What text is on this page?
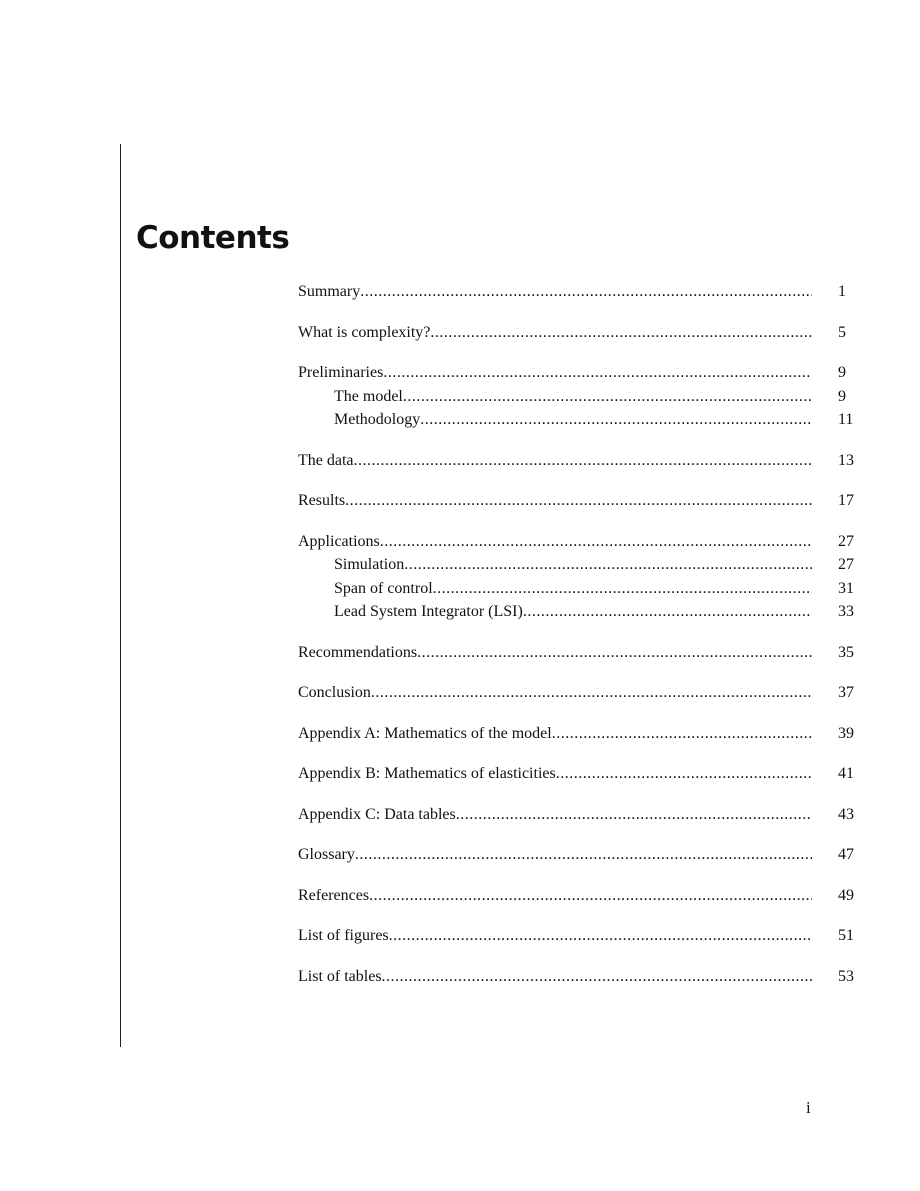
Contents
Summary .....	1
What is complexity? .....	5
Preliminaries .....	9
The model .....	9
Methodology .....	11
The data .....	13
Results .....	17
Applications .....	27
Simulation .....	27
Span of control .....	31
Lead System Integrator (LSI) .....	33
Recommendations .....	35
Conclusion .....	37
Appendix A: Mathematics of the model .....	39
Appendix B: Mathematics of elasticities .....	41
Appendix C: Data tables .....	43
Glossary .....	47
References .....	49
List of figures .....	51
List of tables .....	53
i
